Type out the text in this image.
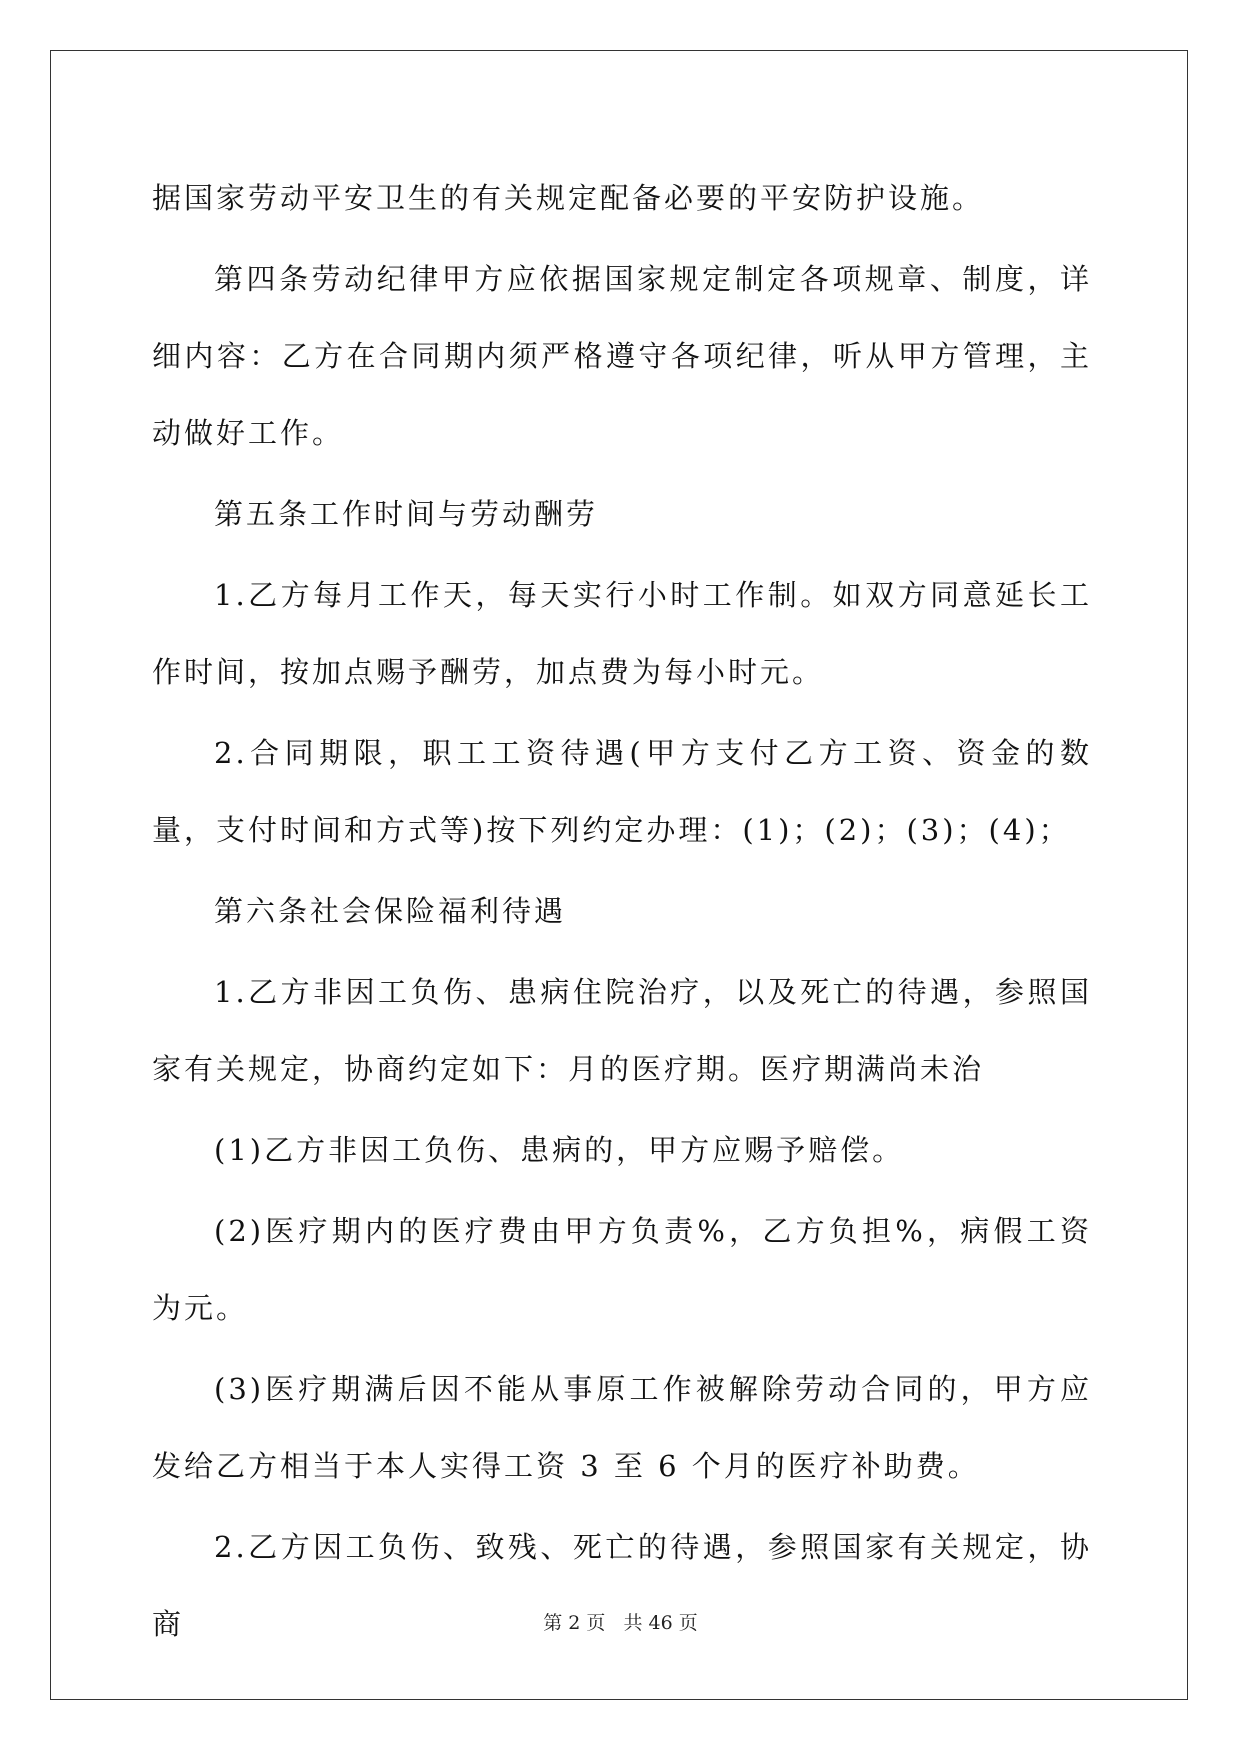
据国家劳动平安卫生的有关规定配备必要的平安防护设施。

第四条劳动纪律甲方应依据国家规定制定各项规章、制度，详细内容：乙方在合同期内须严格遵守各项纪律，听从甲方管理，主动做好工作。

第五条工作时间与劳动酬劳

1.乙方每月工作天，每天实行小时工作制。如双方同意延长工作时间，按加点赐予酬劳，加点费为每小时元。

2.合同期限，职工工资待遇(甲方支付乙方工资、资金的数量，支付时间和方式等)按下列约定办理：(1)；(2)；(3)；(4)；

第六条社会保险福利待遇

1.乙方非因工负伤、患病住院治疗，以及死亡的待遇，参照国家有关规定，协商约定如下：月的医疗期。医疗期满尚未治

(1)乙方非因工负伤、患病的，甲方应赐予赔偿。

(2)医疗期内的医疗费由甲方负责%，乙方负担%，病假工资为元。

(3)医疗期满后因不能从事原工作被解除劳动合同的，甲方应发给乙方相当于本人实得工资 3 至 6 个月的医疗补助费。

2.乙方因工负伤、致残、死亡的待遇，参照国家有关规定，协商	第 2 页 共 46 页
